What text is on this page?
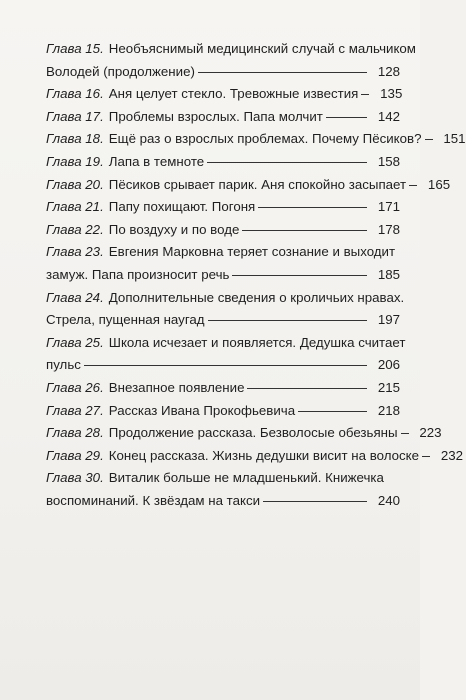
Глава 15. Необъяснимый медицинский случай с мальчиком
Володей (продолжение)	128
Глава 16. Аня целует стекло. Тревожные известия 135
Глава 17. Проблемы взрослых. Папа молчит	142
Глава 18. Ещё раз о взрослых проблемах. Почему Пёсиков? 151
Глава 19. Лапа в темноте	158
Глава 20. Пёсиков срывает парик. Аня спокойно засыпает 165
Глава 21. Папу похищают. Погоня	171
Глава 22. По воздуху и по воде	178
Глава 23. Евгения Марковна теряет сознание и выходит
замуж. Папа произносит речь	185
Глава 24. Дополнительные сведения о кроличьих нравах.
Стрела, пущенная наугад	197
Глава 25. Школа исчезает и появляется. Дедушка считает
пульс	206
Глава 26. Внезапное появление	215
Глава 27. Рассказ Ивана Прокофьевича	218
Глава 28. Продолжение рассказа. Безволосые обезьяны 223
Глава 29. Конец рассказа. Жизнь дедушки висит на волоске 232
Глава 30. Виталик больше не младшенький. Книжечка
воспоминаний. К звёздам на такси	240
